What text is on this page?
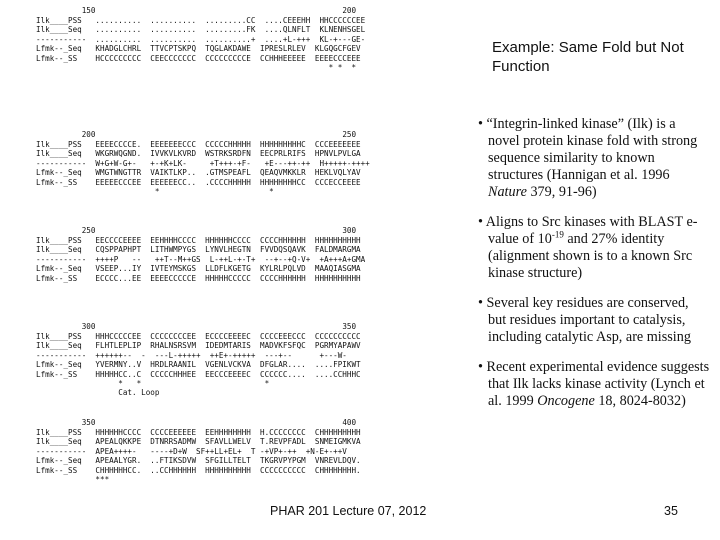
150	200
Ilk____PSS   ..........  ..........  .........CC  ....CEEEHH  HHCCCCCCEE
Ilk____Seq   ..........  ..........  .........FK  ....QLNFLT  KLNENHSGEL
-----------  ..........  ..........  ..........+  ....+L-+++  KL-+---GE-
Lfmk--_Seq   KHADGLCHRL  TTVCPTSKPQ  TQGLAKDAWE  IPRESLRLEV  KLGQGCFGEV
Lfmk--_SS    HCCCCCCCCC  CEECCCCCCC  CCCCCCCCCE  CCHHHEEEEE  EEEECCCEEE
* *  *
200	250
Ilk____PSS   EEEECCCCE.  EEEEEEECCC  CCCCCHHHHH  HHHHHHHHHC  CCCEEEEEEE
Ilk____Seq   WKGRWQGND.  IVVKVLKVRD  WSTRKSRDFN  EECPRLRIFS  HPNVLPVLGA
-----------  W+G+W-G+-   +-+K+LK-     +T+++-+F-   +E---++-++  H+++++-++++
Lfmk--_Seq   WMGTWNGTTR  VAIKTLKP..  .GTMSPEAFL  QEAQVMKKLR  HEKLVQLYAV
Lfmk--_SS    EEEEECCCEE  EEEEEECC..  .CCCCHHHHH  HHHHHHHHCC  CCCECCEEEE
*                        *
250	300
Ilk____PSS   EECCCCEEEE  EEHHHHCCCC  HHHHHHCCCC  CCCCHHHHHH  HHHHHHHHHH
Ilk____Seq   CQSPPAPHPT  LITHWMPYGS  LYNVLHEGTN  FVVDQSQAVK  FALDMARGMA
-----------  ++++P   --   ++T--M++GS  L-++L-+-T+  --+--+Q-V+  +A+++A+GMA
Lfmk--_Seq   VSEEP...IY  IVTEYMSKGS  LLDFLKGETG  KYLRLPQLVD  MAAQIASGMA
Lfmk--_SS    ECCCC...EE  EEEECCCCCE  HHHHHCCCCC  CCCCHHHHHH  HHHHHHHHHH
300	350
Ilk____PSS   HHHCCCCCEE  CCCCCCCCEE  ECCCCEEEEC  CCCCEEECCC  CCCCCCCCCC
Ilk____Seq   FLHTLEPLIP  RHALNSRSVM  IDEDMTARIS  MADVKFSFQC  PGRMYAPAWV
-----------  ++++++--  -  ---L-+++++  ++E+-+++++  ---+--      +---W-
Lfmk--_Seq   YVERMNY..V  HRDLRAANIL  VGENLVCKVA  DFGLAR....  ....FPIKWT
Lfmk--_SS    HHHHHCC..C  CCCCCHHHEE  EECCCEEEEC  CCCCCC....  ....CCHHHC
*   *                           *
Cat. Loop
350	400
Ilk____PSS   HHHHHHCCCC  CCCCEEEEEE  EEHHHHHHHH  H.CCCCCCCC  CHHHHHHHHH
Ilk____Seq   APEALQKKPE  DTNRRSADMW  SFAVLLWELV  T.REVPFADL  SNMEIGMKVA
-----------  APEA++++-   ----+D+W  SF++LL+EL+  T -+VP+-++  +N-E+-++V
Lfmk--_Seq   APEAALYGR.  ..FTIKSDVW  SFGILLTELT  TKGRVPYPGM  VNREVLDQV.
Lfmk--_SS    CHHHHHHCC.  ..CCHHHHHH  HHHHHHHHHH  CCCCCCCCCC  CHHHHHHHH.
***
Example: Same Fold but Not Function
• “Integrin-linked kinase” (Ilk) is a novel protein kinase fold with strong sequence similarity to known structures (Hannigan et al. 1996 Nature 379, 91-96)
• Aligns to Src kinases with BLAST e-value of $10^{-19}$ and 27% identity (alignment shown is to a known Src kinase structure)
• Several key residues are conserved, but residues important to catalysis, including catalytic Asp, are missing
• Recent experimental evidence suggests that Ilk lacks kinase activity (Lynch et al. 1999 Oncogene 18, 8024-8032)
PHAR 201 Lecture 07, 2012	35
